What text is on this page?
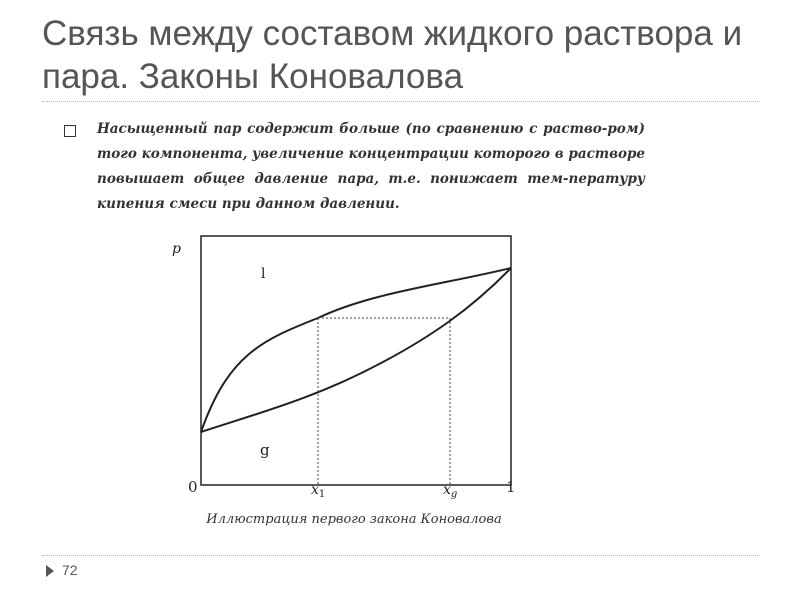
Связь между составом жидкого раствора и пара. Законы Коновалова

Насыщенный пар содержит больше (по сравнению с раство-ром) того компонента, увеличение концентрации которого в растворе повышает общее давление пара, т.е. понижает тем-пературу кипения смеси при данном давлении.

p
l
g
0	$x_1$	$x_g$	1
Иллюстрация первого закона Коновалова
72
